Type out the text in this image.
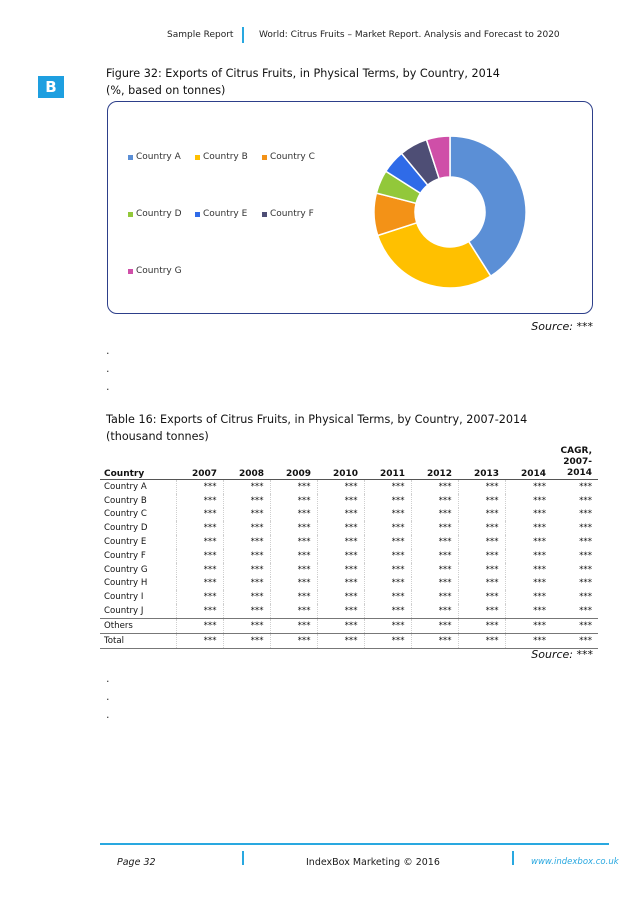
Sample Report	World: Citrus Fruits – Market Report. Analysis and Forecast to 2020
B
Figure 32: Exports of Citrus Fruits, in Physical Terms, by Country, 2014
(%, based on tonnes)
Country A Country B Country C
Country D Country E	Country F
Country G
Source: ***
.
.
.
Table 16: Exports of Citrus Fruits, in Physical Terms, by Country, 2007-2014
(thousand tonnes)
Country	2007	2008	2009	2010	2011	2012	2013	2014	CAGR, 2007-2014
Country A	***	***	***	***	***	***	***	***	***
Country B	***	***	***	***	***	***	***	***	***
Country C	***	***	***	***	***	***	***	***	***
Country D	***	***	***	***	***	***	***	***	***
Country E	***	***	***	***	***	***	***	***	***
Country F	***	***	***	***	***	***	***	***	***
Country G	***	***	***	***	***	***	***	***	***
Country H	***	***	***	***	***	***	***	***	***
Country I	***	***	***	***	***	***	***	***	***
Country J	***	***	***	***	***	***	***	***	***
Others	***	***	***	***	***	***	***	***	***
Total	***	***	***	***	***	***	***	***	***
Source: ***
.
.
.
Page 32	IndexBox Marketing © 2016	www.indexbox.co.uk
